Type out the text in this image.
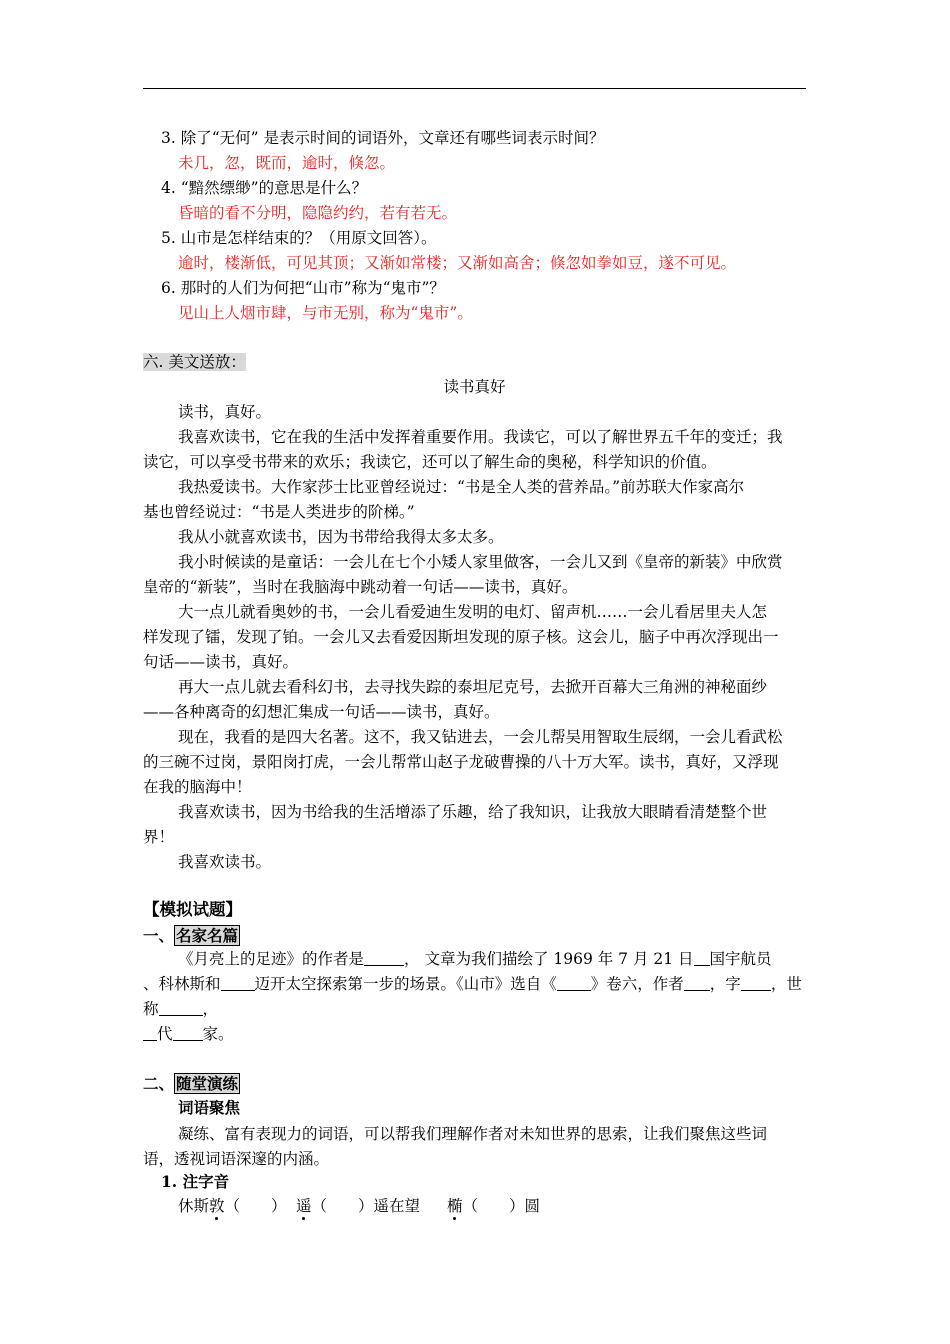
3. 除了“无何” 是表示时间的词语外，文章还有哪些词表示时间？
未几，忽，既而，逾时，倏忽。
4. “黯然缥缈”的意思是什么？
昏暗的看不分明，隐隐约约，若有若无。
5. 山市是怎样结束的？（用原文回答）。
逾时，楼渐低，可见其顶；又渐如常楼；又渐如高舍；倏忽如拳如豆，遂不可见。
6. 那时的人们为何把“山市”称为“鬼市”？
见山上人烟市肆，与市无别，称为“鬼市”。
六. 美文送放：
读书真好
读书，真好。
我喜欢读书，它在我的生活中发挥着重要作用。我读它，可以了解世界五千年的变迁；我
读它，可以享受书带来的欢乐；我读它，还可以了解生命的奥秘，科学知识的价值。
我热爱读书。大作家莎士比亚曾经说过：“书是全人类的营养品。”前苏联大作家高尔
基也曾经说过：“书是人类进步的阶梯。”
我从小就喜欢读书，因为书带给我得太多太多。
我小时候读的是童话：一会儿在七个小矮人家里做客，一会儿又到《皇帝的新装》中欣赏
皇帝的“新装”，当时在我脑海中跳动着一句话——读书，真好。
大一点儿就看奥妙的书，一会儿看爱迪生发明的电灯、留声机……一会儿看居里夫人怎
样发现了镭，发现了铂。一会儿又去看爱因斯坦发现的原子核。这会儿，脑子中再次浮现出一
句话——读书，真好。
再大一点儿就去看科幻书，去寻找失踪的泰坦尼克号，去掀开百幕大三角洲的神秘面纱
——各种离奇的幻想汇集成一句话——读书，真好。
现在，我看的是四大名著。这不，我又钻进去，一会儿帮吴用智取生辰纲，一会儿看武松
的三碗不过岗，景阳岗打虎，一会儿帮常山赵子龙破曹操的八十万大军。读书，真好，又浮现
在我的脑海中！
我喜欢读书，因为书给我的生活增添了乐趣，给了我知识，让我放大眼睛看清楚整个世
界！
我喜欢读书。
【模拟试题】
一、 名家名篇
《月亮上的足迹》的作者是	， 文章为我们描绘了 1969 年 7 月 21 日 国宇航员
、科林斯和 迈开太空探索第一步的场景。《山市》选自《 》卷六，作者 ，字 ，世
称	，
代 家。
二、 随堂演练
词语聚焦
凝练、富有表现力的词语，可以帮我们理解作者对未知世界的思索，让我们聚焦这些词
语，透视词语深邃的内涵。
1. 注字音
休斯敦（　　） 遥（　　）遥在望 椭（　　）圆
